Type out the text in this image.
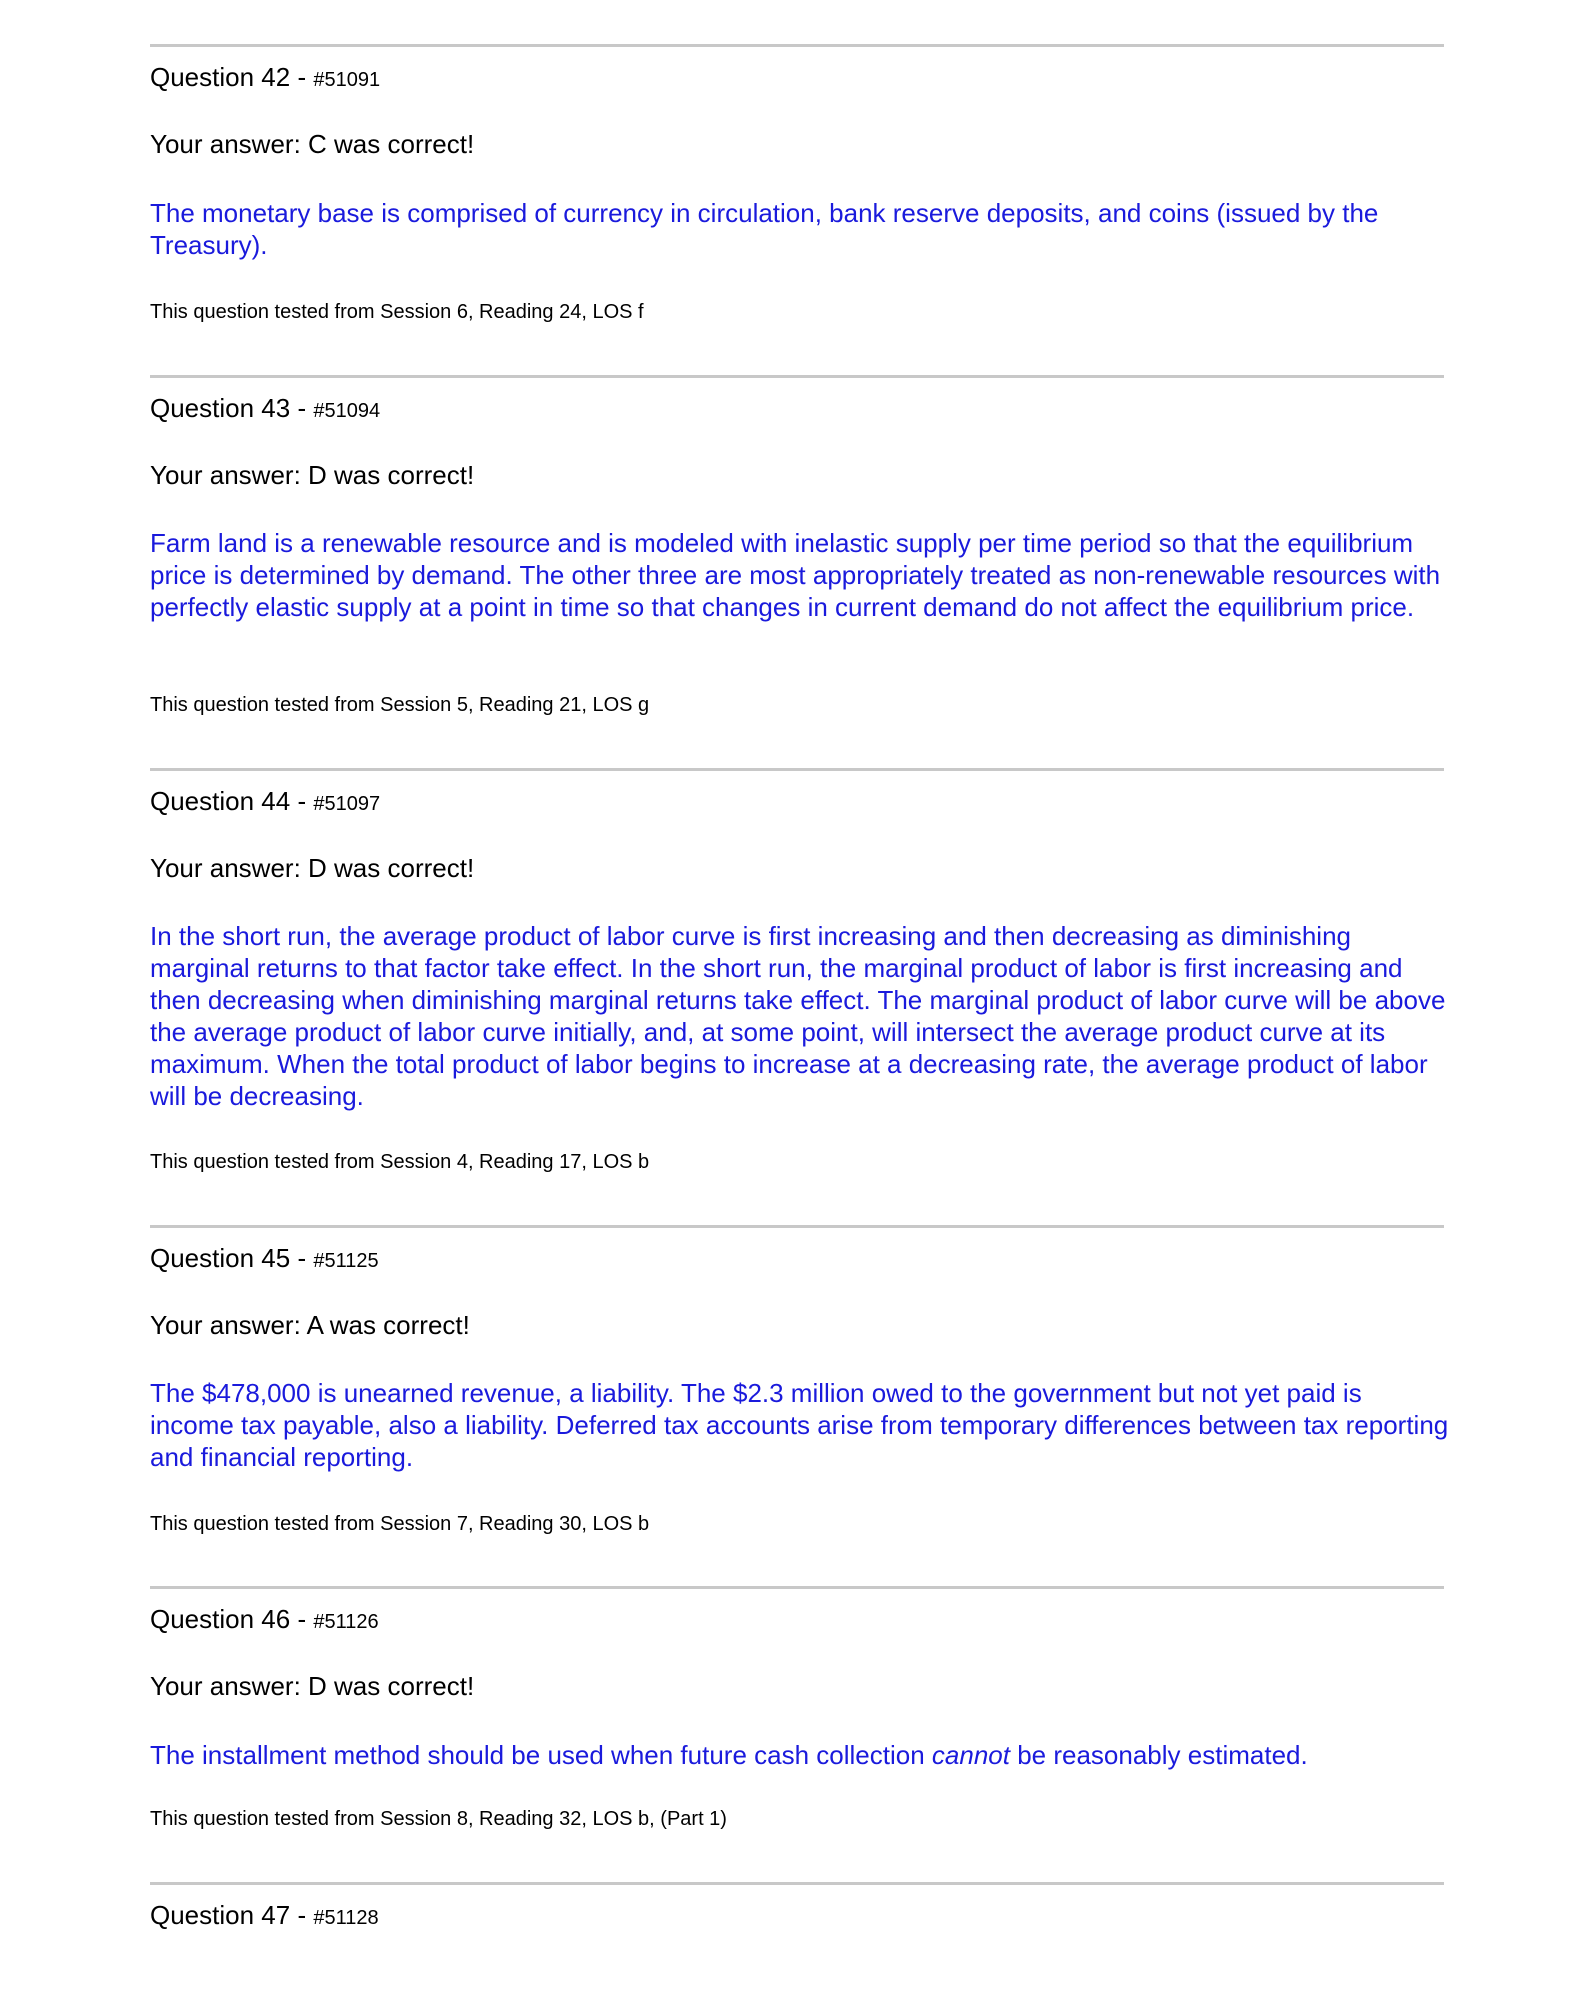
Question 42 - #51091
Your answer: C was correct!
The monetary base is comprised of currency in circulation, bank reserve deposits, and coins (issued by the Treasury).
This question tested from Session 6, Reading 24, LOS f
Question 43 - #51094
Your answer: D was correct!
Farm land is a renewable resource and is modeled with inelastic supply per time period so that the equilibrium price is determined by demand. The other three are most appropriately treated as non-renewable resources with perfectly elastic supply at a point in time so that changes in current demand do not affect the equilibrium price.
This question tested from Session 5, Reading 21, LOS g
Question 44 - #51097
Your answer: D was correct!
In the short run, the average product of labor curve is first increasing and then decreasing as diminishing marginal returns to that factor take effect. In the short run, the marginal product of labor is first increasing and then decreasing when diminishing marginal returns take effect. The marginal product of labor curve will be above the average product of labor curve initially, and, at some point, will intersect the average product curve at its maximum. When the total product of labor begins to increase at a decreasing rate, the average product of labor will be decreasing.
This question tested from Session 4, Reading 17, LOS b
Question 45 - #51125
Your answer: A was correct!
The $478,000 is unearned revenue, a liability. The $2.3 million owed to the government but not yet paid is income tax payable, also a liability. Deferred tax accounts arise from temporary differences between tax reporting and financial reporting.
This question tested from Session 7, Reading 30, LOS b
Question 46 - #51126
Your answer: D was correct!
The installment method should be used when future cash collection cannot be reasonably estimated.
This question tested from Session 8, Reading 32, LOS b, (Part 1)
Question 47 - #51128
